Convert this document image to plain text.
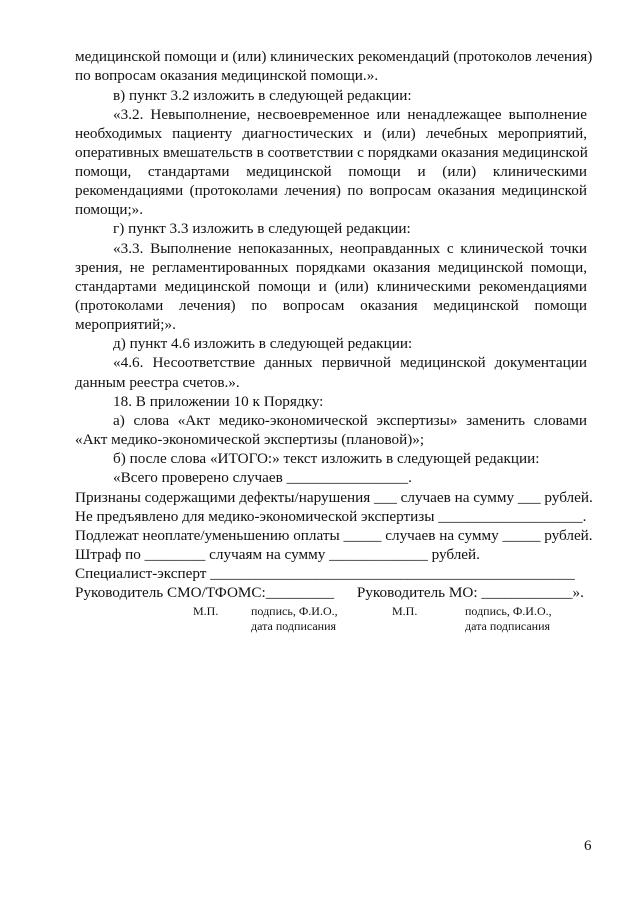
медицинской помощи и (или) клинических рекомендаций (протоколов лечения)
по вопросам оказания медицинской помощи.».
в) пункт 3.2 изложить в следующей редакции:
«3.2. Невыполнение, несвоевременное или ненадлежащее выполнение
необходимых пациенту диагностических и (или) лечебных мероприятий,
оперативных вмешательств в соответствии с порядками оказания медицинской
помощи, стандартами медицинской помощи и (или) клиническими
рекомендациями (протоколами лечения) по вопросам оказания медицинской
помощи;».
г) пункт 3.3 изложить в следующей редакции:
«3.3. Выполнение непоказанных, неоправданных с клинической точки
зрения, не регламентированных порядками оказания медицинской помощи,
стандартами медицинской помощи и (или) клиническими рекомендациями
(протоколами лечения) по вопросам оказания медицинской помощи
мероприятий;».
д) пункт 4.6 изложить в следующей редакции:
«4.6. Несоответствие данных первичной медицинской документации
данным реестра счетов.».
18. В приложении 10 к Порядку:
а) слова «Акт медико-экономической экспертизы» заменить словами
«Акт медико-экономической экспертизы (плановой)»;
б) после слова «ИТОГО:» текст изложить в следующей редакции:
«Всего проверено случаев ________________.
Признаны содержащими дефекты/нарушения ___ случаев на сумму ___ рублей.
Не предъявлено для медико-экономической экспертизы ___________________.
Подлежат неоплате/уменьшению оплаты _____ случаев на сумму _____ рублей.
Штраф по ________ случаям на сумму _____________ рублей.
Специалист-эксперт ________________________________________________
Руководитель СМО/ТФОМС:_________      Руководитель МО: ____________».
М.П.	подпись, Ф.И.О.,
дата подписания
М.П.	подпись, Ф.И.О.,
дата подписания
6
